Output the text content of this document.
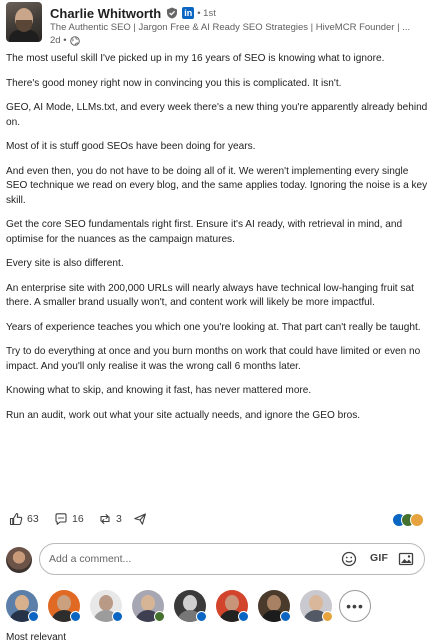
Charlie Whitworth	in • 1st
The Authentic SEO | Jargon Free & AI Ready SEO Strategies | HiveMCR Founder | ...
2d •

The most useful skill I've picked up in my 16 years of SEO is knowing what to ignore.

There's good money right now in convincing you this is complicated. It isn't.

GEO, AI Mode, LLMs.txt, and every week there's a new thing you're apparently already behind on.

Most of it is stuff good SEOs have been doing for years.

And even then, you do not have to be doing all of it. We weren't implementing every single SEO technique we read on every blog, and the same applies today. Ignoring the noise is a key skill.

Get the core SEO fundamentals right first. Ensure it's AI ready, with retrieval in mind, and optimise for the nuances as the campaign matures.

Every site is also different.

An enterprise site with 200,000 URLs will nearly always have technical low-hanging fruit sat there. A smaller brand usually won't, and content work will likely be more impactful.

Years of experience teaches you which one you're looking at. That part can't really be taught.

Try to do everything at once and you burn months on work that could have limited or even no impact. And you'll only realise it was the wrong call 6 months later.

Knowing what to skip, and knowing it fast, has never mattered more.

Run an audit, work out what your site actually needs, and ignore the GEO bros.

63	16	3
Add a comment...	GIF
•••
Most relevant
